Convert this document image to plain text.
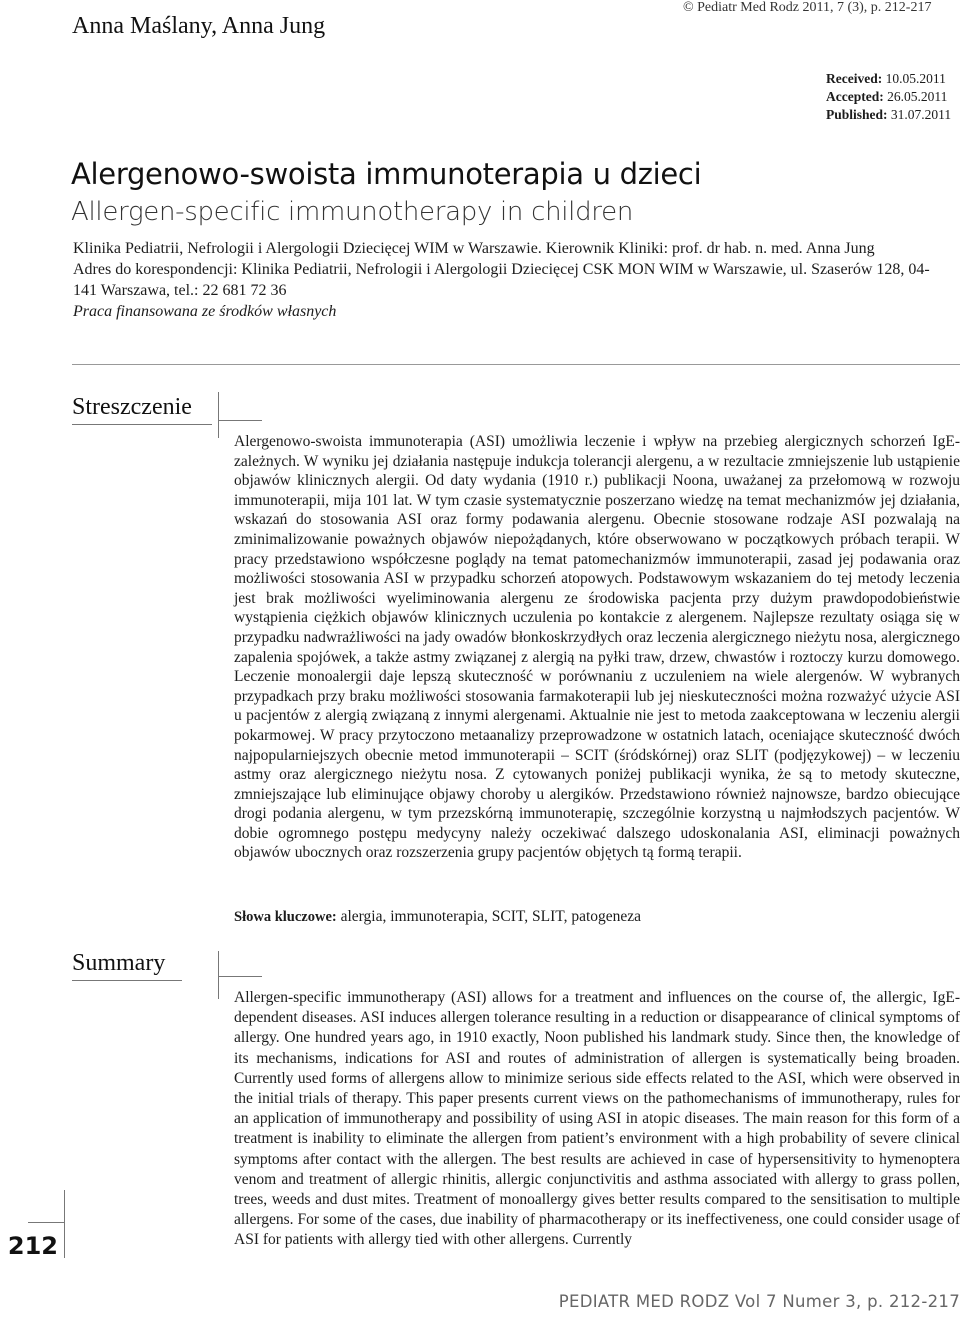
Anna Maślany, Anna Jung
© Pediatr Med Rodz 2011, 7 (3), p. 212-217
Received: 10.05.2011
Accepted: 26.05.2011
Published: 31.07.2011
Alergenowo-swoista immunoterapia u dzieci
Allergen-specific immunotherapy in children
Klinika Pediatrii, Nefrologii i Alergologii Dziecięcej WIM w Warszawie. Kierownik Kliniki: prof. dr hab. n. med. Anna Jung
Adres do korespondencji: Klinika Pediatrii, Nefrologii i Alergologii Dziecięcej CSK MON WIM w Warszawie, ul. Szaserów 128, 04-141 Warszawa, tel.: 22 681 72 36
Praca finansowana ze środków własnych
Streszczenie
Alergenowo-swoista immunoterapia (ASI) umożliwia leczenie i wpływ na przebieg alergicznych schorzeń IgE-zależnych. W wyniku jej działania następuje indukcja tolerancji alergenu, a w rezultacie zmniejszenie lub ustąpienie objawów klinicznych alergii. Od daty wydania (1910 r.) publikacji Noona, uważanej za przełomową w rozwoju immunoterapii, mija 101 lat. W tym czasie systematycznie poszerzano wiedzę na temat mechanizmów jej działania, wskazań do stosowania ASI oraz formy podawania alergenu. Obecnie stosowane rodzaje ASI pozwalają na zminimalizowanie poważnych objawów niepożądanych, które obserwowano w początkowych próbach terapii. W pracy przedstawiono współczesne poglądy na temat patomechanizmów immunoterapii, zasad jej podawania oraz możliwości stosowania ASI w przypadku schorzeń atopowych. Podstawowym wskazaniem do tej metody leczenia jest brak możliwości wyeliminowania alergenu ze środowiska pacjenta przy dużym prawdopodobieństwie wystąpienia ciężkich objawów klinicznych uczulenia po kontakcie z alergenem. Najlepsze rezultaty osiąga się w przypadku nadwrażliwości na jady owadów błonkoskrzydłych oraz leczenia alergicznego nieżytu nosa, alergicznego zapalenia spojówek, a także astmy związanej z alergią na pyłki traw, drzew, chwastów i roztoczy kurzu domowego. Leczenie monoalergii daje lepszą skuteczność w porównaniu z uczuleniem na wiele alergenów. W wybranych przypadkach przy braku możliwości stosowania farmakoterapii lub jej nieskuteczności można rozważyć użycie ASI u pacjentów z alergią związaną z innymi alergenami. Aktualnie nie jest to metoda zaakceptowana w leczeniu alergii pokarmowej. W pracy przytoczono metaanalizy przeprowadzone w ostatnich latach, oceniające skuteczność dwóch najpopularniejszych obecnie metod immunoterapii – SCIT (śródskórnej) oraz SLIT (podjęzykowej) – w leczeniu astmy oraz alergicznego nieżytu nosa. Z cytowanych poniżej publikacji wynika, że są to metody skuteczne, zmniejszające lub eliminujące objawy choroby u alergików. Przedstawiono również najnowsze, bardzo obiecujące drogi podania alergenu, w tym przezskórną immunoterapię, szczególnie korzystną u najmłodszych pacjentów. W dobie ogromnego postępu medycyny należy oczekiwać dalszego udoskonalania ASI, eliminacji poważnych objawów ubocznych oraz rozszerzenia grupy pacjentów objętych tą formą terapii.
Słowa kluczowe: alergia, immunoterapia, SCIT, SLIT, patogeneza
Summary
Allergen-specific immunotherapy (ASI) allows for a treatment and influences on the course of, the allergic, IgE-dependent diseases. ASI induces allergen tolerance resulting in a reduction or disappearance of clinical symptoms of allergy. One hundred years ago, in 1910 exactly, Noon published his landmark study. Since then, the knowledge of its mechanisms, indications for ASI and routes of administration of allergen is systematically being broaden. Currently used forms of allergens allow to minimize serious side effects related to the ASI, which were observed in the initial trials of therapy. This paper presents current views on the pathomechanisms of immunotherapy, rules for an application of immunotherapy and possibility of using ASI in atopic diseases. The main reason for this form of a treatment is inability to eliminate the allergen from patient’s environment with a high probability of severe clinical symptoms after contact with the allergen. The best results are achieved in case of hypersensitivity to hymenoptera venom and treatment of allergic rhinitis, allergic conjunctivitis and asthma associated with allergy to grass pollen, trees, weeds and dust mites. Treatment of monoallergy gives better results compared to the sensitisation to multiple allergens. For some of the cases, due inability of pharmacotherapy or its ineffectiveness, one could consider usage of ASI for patients with allergy tied with other allergens. Currently
212
PEDIATR MED RODZ Vol 7 Numer 3, p. 212-217
